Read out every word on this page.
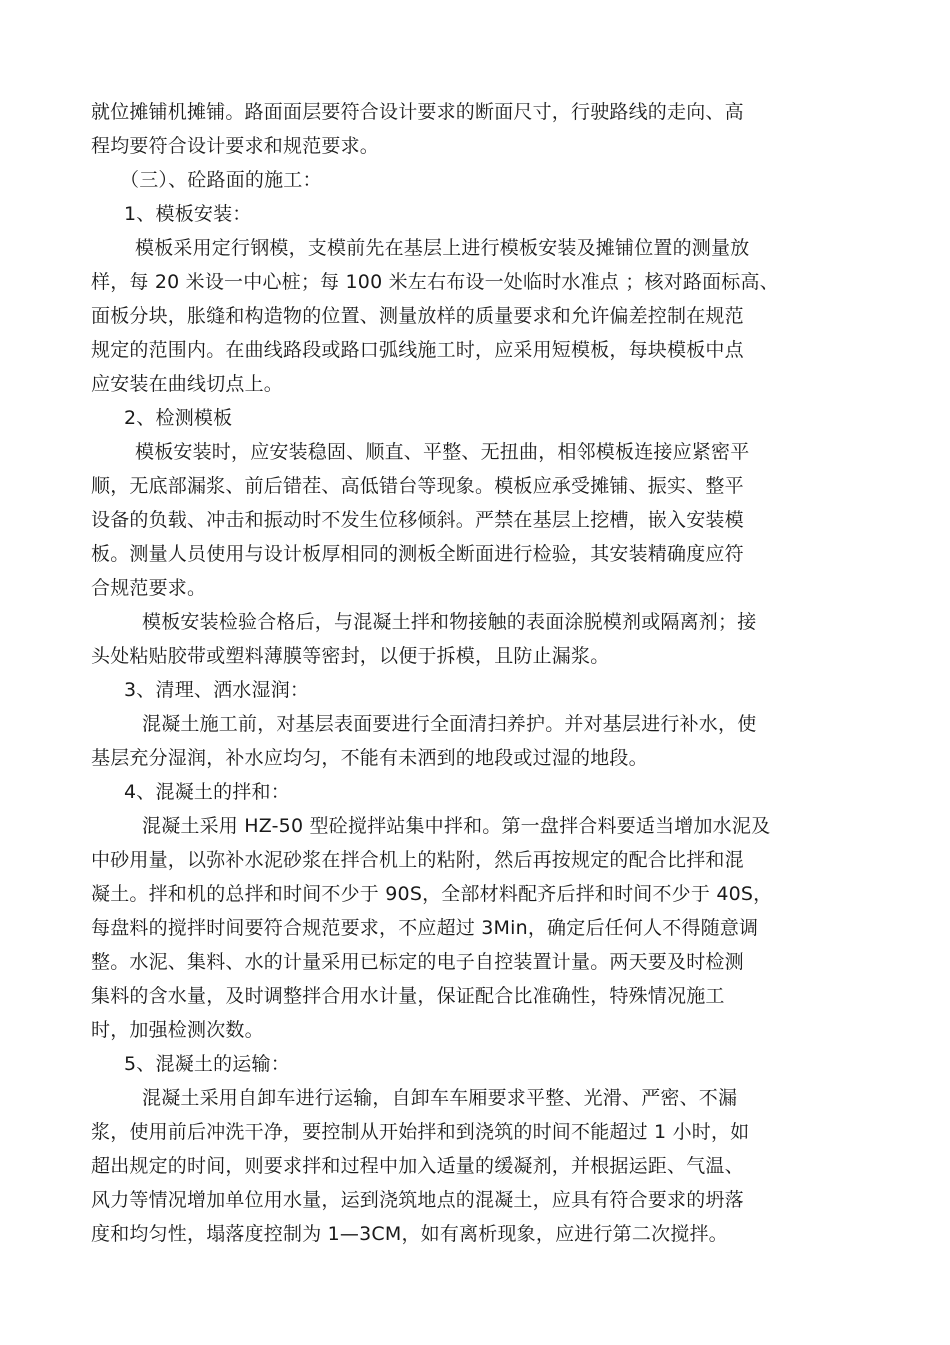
就位摊铺机摊铺。路面面层要符合设计要求的断面尺寸，行驶路线的走向、高
程均要符合设计要求和规范要求。
（三）、砼路面的施工：
1、模板安装：
模板采用定行钢模，支模前先在基层上进行模板安装及摊铺位置的测量放
样，每 20 米设一中心桩；每 100 米左右布设一处临时水准点 ；核对路面标高、
面板分块，胀缝和构造物的位置、测量放样的质量要求和允许偏差控制在规范
规定的范围内。在曲线路段或路口弧线施工时，应采用短模板，每块模板中点
应安装在曲线切点上。
2、检测模板
模板安装时，应安装稳固、顺直、平整、无扭曲，相邻模板连接应紧密平
顺，无底部漏浆、前后错茬、高低错台等现象。模板应承受摊铺、振实、整平
设备的负载、冲击和振动时不发生位移倾斜。严禁在基层上挖槽，嵌入安装模
板。测量人员使用与设计板厚相同的测板全断面进行检验，其安装精确度应符
合规范要求。
模板安装检验合格后，与混凝土拌和物接触的表面涂脱模剂或隔离剂；接
头处粘贴胶带或塑料薄膜等密封，以便于拆模，且防止漏浆。
3、清理、洒水湿润：
混凝土施工前，对基层表面要进行全面清扫养护。并对基层进行补水，使
基层充分湿润，补水应均匀，不能有未洒到的地段或过湿的地段。
4、混凝土的拌和：
混凝土采用 HZ-50 型砼搅拌站集中拌和。第一盘拌合料要适当增加水泥及
中砂用量，以弥补水泥砂浆在拌合机上的粘附，然后再按规定的配合比拌和混
凝土。拌和机的总拌和时间不少于 90S，全部材料配齐后拌和时间不少于 40S，
每盘料的搅拌时间要符合规范要求，不应超过 3Min，确定后任何人不得随意调
整。水泥、集料、水的计量采用已标定的电子自控装置计量。两天要及时检测
集料的含水量，及时调整拌合用水计量，保证配合比准确性，特殊情况施工
时，加强检测次数。
5、混凝土的运输：
混凝土采用自卸车进行运输，自卸车车厢要求平整、光滑、严密、不漏
浆，使用前后冲洗干净，要控制从开始拌和到浇筑的时间不能超过 1 小时，如
超出规定的时间，则要求拌和过程中加入适量的缓凝剂，并根据运距、气温、
风力等情况增加单位用水量，运到浇筑地点的混凝土，应具有符合要求的坍落
度和均匀性，塌落度控制为 1—3CM，如有离析现象，应进行第二次搅拌。
